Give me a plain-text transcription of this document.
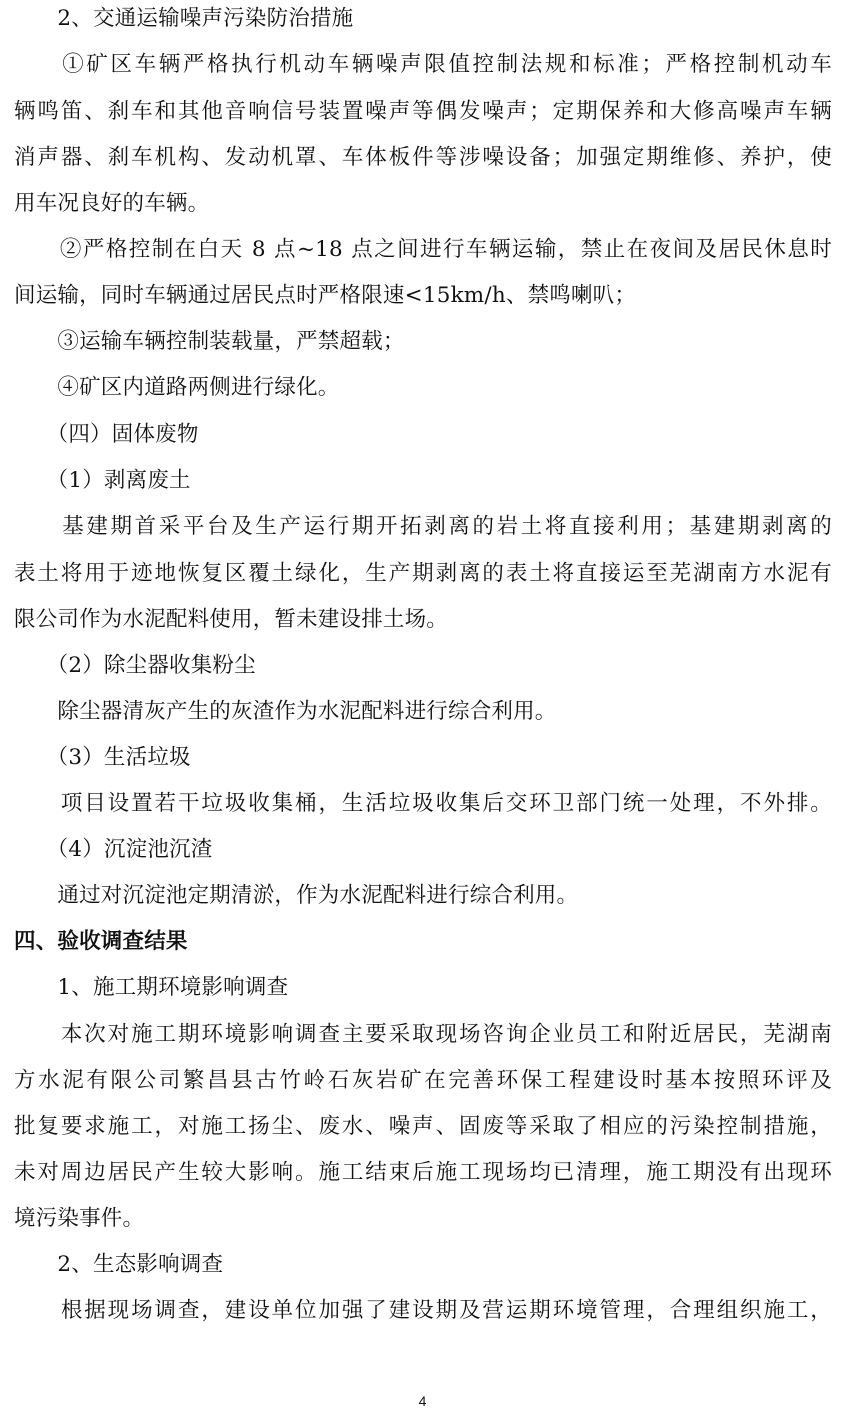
　　2、交通运输噪声污染防治措施
　　①矿区车辆严格执行机动车辆噪声限值控制法规和标准；严格控制机动车
辆鸣笛、刹车和其他音响信号装置噪声等偶发噪声；定期保养和大修高噪声车辆
消声器、刹车机构、发动机罩、车体板件等涉噪设备；加强定期维修、养护，使
用车况良好的车辆。
　　②严格控制在白天 8 点~18 点之间进行车辆运输，禁止在夜间及居民休息时
间运输，同时车辆通过居民点时严格限速<15km/h、禁鸣喇叭；
　　③运输车辆控制装载量，严禁超载；
　　④矿区内道路两侧进行绿化。
　　（四）固体废物
　　（1）剥离废土
　　基建期首采平台及生产运行期开拓剥离的岩土将直接利用；基建期剥离的
表土将用于迹地恢复区覆土绿化，生产期剥离的表土将直接运至芜湖南方水泥有
限公司作为水泥配料使用，暂未建设排土场。
　　（2）除尘器收集粉尘
　　除尘器清灰产生的灰渣作为水泥配料进行综合利用。
　　（3）生活垃圾
　　项目设置若干垃圾收集桶，生活垃圾收集后交环卫部门统一处理，不外排。
　　（4）沉淀池沉渣
　　通过对沉淀池定期清淤，作为水泥配料进行综合利用。
四、验收调查结果
　　1、施工期环境影响调查
　　本次对施工期环境影响调查主要采取现场咨询企业员工和附近居民，芜湖南
方水泥有限公司繁昌县古竹岭石灰岩矿在完善环保工程建设时基本按照环评及
批复要求施工，对施工扬尘、废水、噪声、固废等采取了相应的污染控制措施，
未对周边居民产生较大影响。施工结束后施工现场均已清理，施工期没有出现环
境污染事件。
　　2、生态影响调查
　　根据现场调查，建设单位加强了建设期及营运期环境管理，合理组织施工，
4
